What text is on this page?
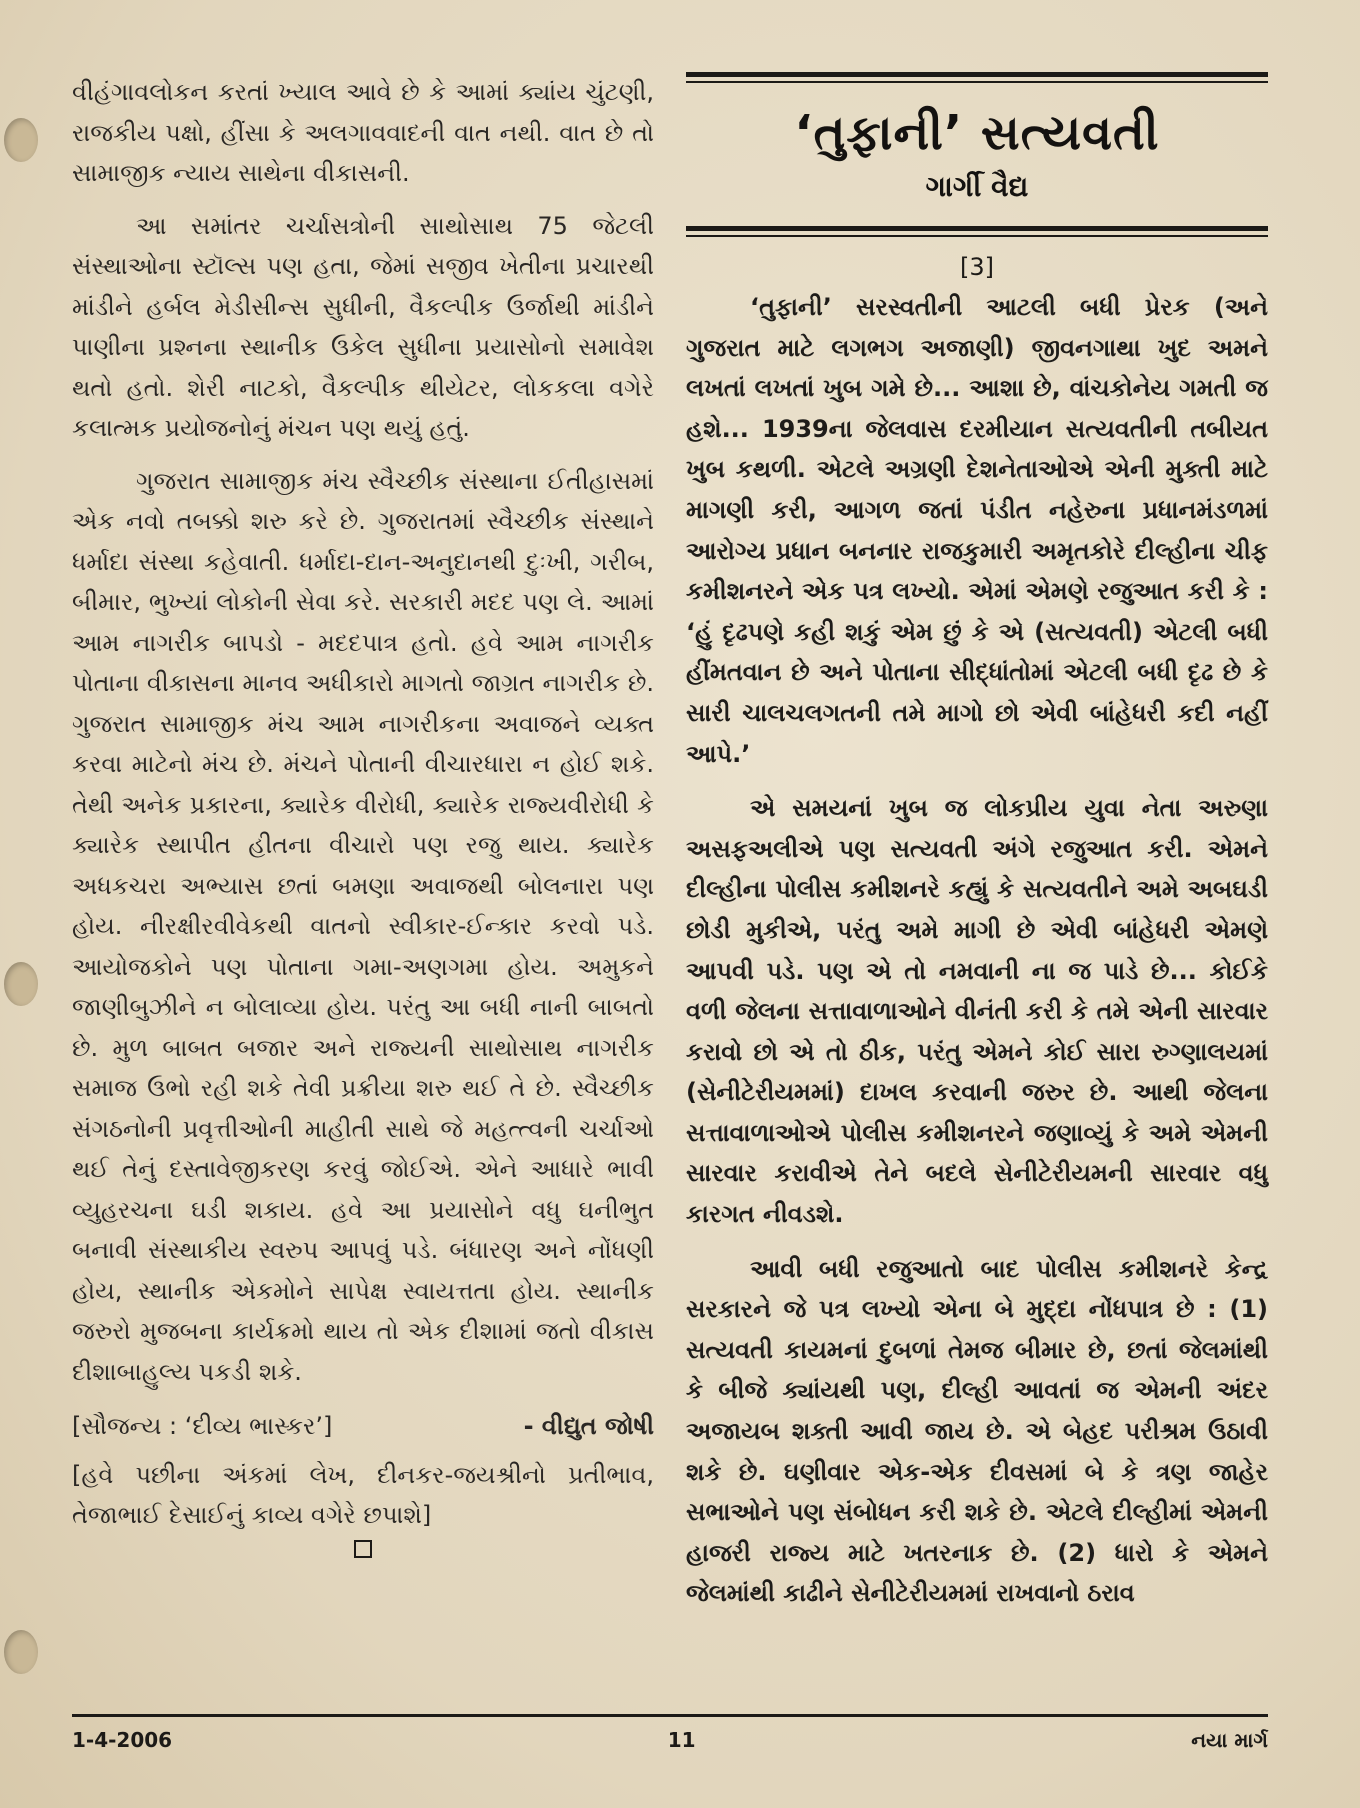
વીહંગાવલોકન કરતાં ખ્યાલ આવે છે કે આમાં ક્યાંય ચુંટણી, રાજકીય પક્ષો, હીંસા કે અલગાવવાદની વાત નથી. વાત છે તો સામાજીક ન્યાય સાથેના વીકાસની.

આ સમાંતર ચર્ચાસત્રોની સાથોસાથ 75 જેટલી સંસ્થાઓના સ્ટૉલ્સ પણ હતા, જેમાં સજીવ ખેતીના પ્રચારથી માંડીને હર્બલ મેડીસીન્સ સુધીની, વૈકલ્પીક ઉર્જાથી માંડીને પાણીના પ્રશ્નના સ્થાનીક ઉકેલ સુધીના પ્રયાસોનો સમાવેશ થતો હતો. શેરી નાટકો, વૈકલ્પીક થીયેટર, લોકકલા વગેરે કલાત્મક પ્રયોજનોનું મંચન પણ થયું હતું.

ગુજરાત સામાજીક મંચ સ્વૈચ્છીક સંસ્થાના ઈતીહાસમાં એક નવો તબક્કો શરુ કરે છે. ગુજરાતમાં સ્વૈચ્છીક સંસ્થાને ધર્માદા સંસ્થા કહેવાતી. ધર્માદા-દાન-અનુદાનથી દુઃખી, ગરીબ, બીમાર, ભુખ્યાં લોકોની સેવા કરે. સરકારી મદદ પણ લે. આમાં આમ નાગરીક બાપડો - મદદપાત્ર હતો. હવે આમ નાગરીક પોતાના વીકાસના માનવ અધીકારો માગતો જાગ્રત નાગરીક છે. ગુજરાત સામાજીક મંચ આમ નાગરીકના અવાજને વ્યક્ત કરવા માટેનો મંચ છે. મંચને પોતાની વીચારધારા ન હોઈ શકે. તેથી અનેક પ્રકારના, ક્યારેક વીરોધી, ક્યારેક રાજ્યવીરોધી કે ક્યારેક સ્થાપીત હીતના વીચારો પણ રજુ થાય. ક્યારેક અધકચરા અભ્યાસ છતાં બમણા અવાજથી બોલનારા પણ હોય. નીરક્ષીરવીવેકથી વાતનો સ્વીકાર-ઈન્કાર કરવો પડે. આયોજકોને પણ પોતાના ગમા-અણગમા હોય. અમુકને જાણીબુઝીને ન બોલાવ્યા હોય. પરંતુ આ બધી નાની બાબતો છે. મુળ બાબત બજાર અને રાજ્યની સાથોસાથ નાગરીક સમાજ ઉભો રહી શકે તેવી પ્રક્રીયા શરુ થઈ તે છે. સ્વૈચ્છીક સંગઠનોની પ્રવૃત્તીઓની માહીતી સાથે જે મહત્ત્વની ચર્ચાઓ થઈ તેનું દસ્તાવેજીકરણ કરવું જોઈએ. એને આધારે ભાવી વ્યુહરચના ઘડી શકાય. હવે આ પ્રયાસોને વધુ ઘનીભુત બનાવી સંસ્થાકીય સ્વરુપ આપવું પડે. બંધારણ અને નોંધણી હોય, સ્થાનીક એકમોને સાપેક્ષ સ્વાયત્તતા હોય. સ્થાનીક જરુરો મુજબના કાર્યક્રમો થાય તો એક દીશામાં જતો વીકાસ દીશાબાહુલ્ય પકડી શકે.

[સૌજન્ય : ‘દીવ્ય ભાસ્કર’]	- વીદ્યુત જોષી
[હવે પછીના અંકમાં લેખ, દીનકર-જયશ્રીનો પ્રતીભાવ, તેજાભાઈ દેસાઈનું કાવ્ય વગેરે છપાશે]
‘તુફાની’ સત્યવતી
ગાર્ગી વૈદ્ય
[3]

‘તુફાની’ સરસ્વતીની આટલી બધી પ્રેરક (અને ગુજરાત માટે લગભગ અજાણી) જીવનગાથા ખુદ અમને લખતાં લખતાં ખુબ ગમે છે... આશા છે, વાંચકોનેય ગમતી જ હશે... 1939ના જેલવાસ દરમીયાન સત્યવતીની તબીયત ખુબ કથળી. એટલે અગ્રણી દેશનેતાઓએ એની મુક્તી માટે માગણી કરી, આગળ જતાં પંડીત નહેરુના પ્રધાનમંડળમાં આરોગ્ય પ્રધાન બનનાર રાજકુમારી અમૃતકોરે દીલ્હીના ચીફ કમીશનરને એક પત્ર લખ્યો. એમાં એમણે રજુઆત કરી કે : ‘હું દૃઢપણે કહી શકું એમ છું કે એ (સત્યવતી) એટલી બધી હીંમતવાન છે અને પોતાના સીદ્ધાંતોમાં એટલી બધી દૃઢ છે કે સારી ચાલચલગતની તમે માગો છો એવી બાંહેધરી કદી નહીં આપે.’

એ સમયનાં ખુબ જ લોકપ્રીય યુવા નેતા અરુણા અસફઅલીએ પણ સત્યવતી અંગે રજુઆત કરી. એમને દીલ્હીના પોલીસ કમીશનરે કહ્યું કે સત્યવતીને અમે અબઘડી છોડી મુકીએ, પરંતુ અમે માગી છે એવી બાંહેધરી એમણે આપવી પડે. પણ એ તો નમવાની ના જ પાડે છે... કોઈકે વળી જેલના સત્તાવાળાઓને વીનંતી કરી કે તમે એની સારવાર કરાવો છો એ તો ઠીક, પરંતુ એમને કોઈ સારા રુગ્ણાલયમાં (સેનીટેરીયમમાં) દાખલ કરવાની જરુર છે. આથી જેલના સત્તાવાળાઓએ પોલીસ કમીશનરને જણાવ્યું કે અમે એમની સારવાર કરાવીએ તેને બદલે સેનીટેરીયમની સારવાર વધુ કારગત નીવડશે.

આવી બધી રજુઆતો બાદ પોલીસ કમીશનરે કેન્દ્ર સરકારને જે પત્ર લખ્યો એના બે મુદ્દા નોંધપાત્ર છે : (1) સત્યવતી કાયમનાં દુબળાં તેમજ બીમાર છે, છતાં જેલમાંથી કે બીજે ક્યાંયથી પણ, દીલ્હી આવતાં જ એમની અંદર અજાયબ શક્તી આવી જાય છે. એ બેહદ પરીશ્રમ ઉઠાવી શકે છે. ઘણીવાર એક-એક દીવસમાં બે કે ત્રણ જાહેર સભાઓને પણ સંબોધન કરી શકે છે. એટલે દીલ્હીમાં એમની હાજરી રાજ્ય માટે ખતરનાક છે. (2) ધારો કે એમને જેલમાંથી કાઢીને સેનીટેરીયમમાં રાખવાનો ઠરાવ

1-4-2006	11	નયા માર્ગ
